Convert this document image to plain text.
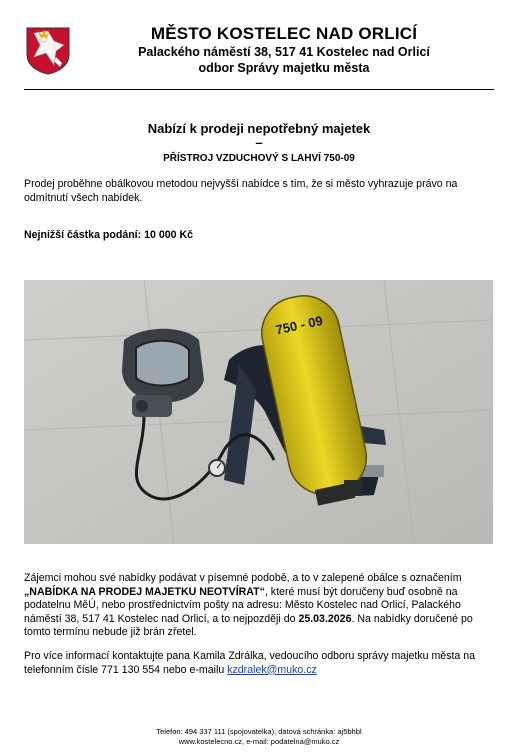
MĚSTO KOSTELEC NAD ORLICÍ
Palackého náměstí 38, 517 41 Kostelec nad Orlicí
odbor Správy majetku města
Nabízí k prodeji nepotřebný majetek
–
PŘÍSTROJ VZDUCHOVÝ S LAHVÍ 750-09
Prodej proběhne obálkovou metodou nejvyšší nabídce s tím, že si město vyhrazuje právo na odmítnutí všech nabídek.
Nejnižší částka podání: 10 000 Kč
750 - 09
Zájemci mohou své nabídky podávat v písemné podobě, a to v zalepené obálce s označením „NABÍDKA NA PRODEJ MAJETKU NEOTVÍRAT“, které musí být doručeny buď osobně na podatelnu MěÚ, nebo prostřednictvím pošty na adresu: Město Kostelec nad Orlicí, Palackého náměstí 38, 517 41 Kostelec nad Orlicí, a to nejpozději do 25.03.2026. Na nabídky doručené po tomto termínu nebude již brán zřetel.
Pro více informací kontaktujte pana Kamila Zdrálka, vedoucího odboru správy majetku města na telefonním čísle 771 130 554 nebo e-mailu kzdralek@muko.cz
Telefon: 494 337 111 (spojovatelka), datová schránka: aj5bhbl
www.kostelecno.cz, e-mail: podatelna@muko.cz
